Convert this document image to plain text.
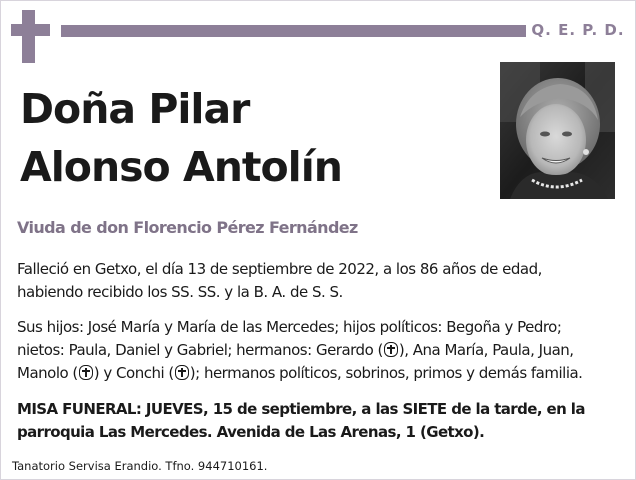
Q. E. P. D.
Doña Pilar
Alonso Antolín
Viuda de don Florencio Pérez Fernández
Falleció en Getxo, el día 13 de septiembre de 2022, a los 86 años de edad,
habiendo recibido los SS. SS. y la B. A. de S. S.
Sus hijos: José María y María de las Mercedes; hijos políticos: Begoña y Pedro;
nietos: Paula, Daniel y Gabriel; hermanos: Gerardo ( ), Ana María, Paula, Juan,
Manolo ( ) y Conchi ( ); hermanos políticos, sobrinos, primos y demás familia.
MISA FUNERAL: JUEVES, 15 de septiembre, a las SIETE de la tarde, en la
parroquia Las Mercedes. Avenida de Las Arenas, 1 (Getxo).
Tanatorio Servisa Erandio. Tfno. 944710161.
